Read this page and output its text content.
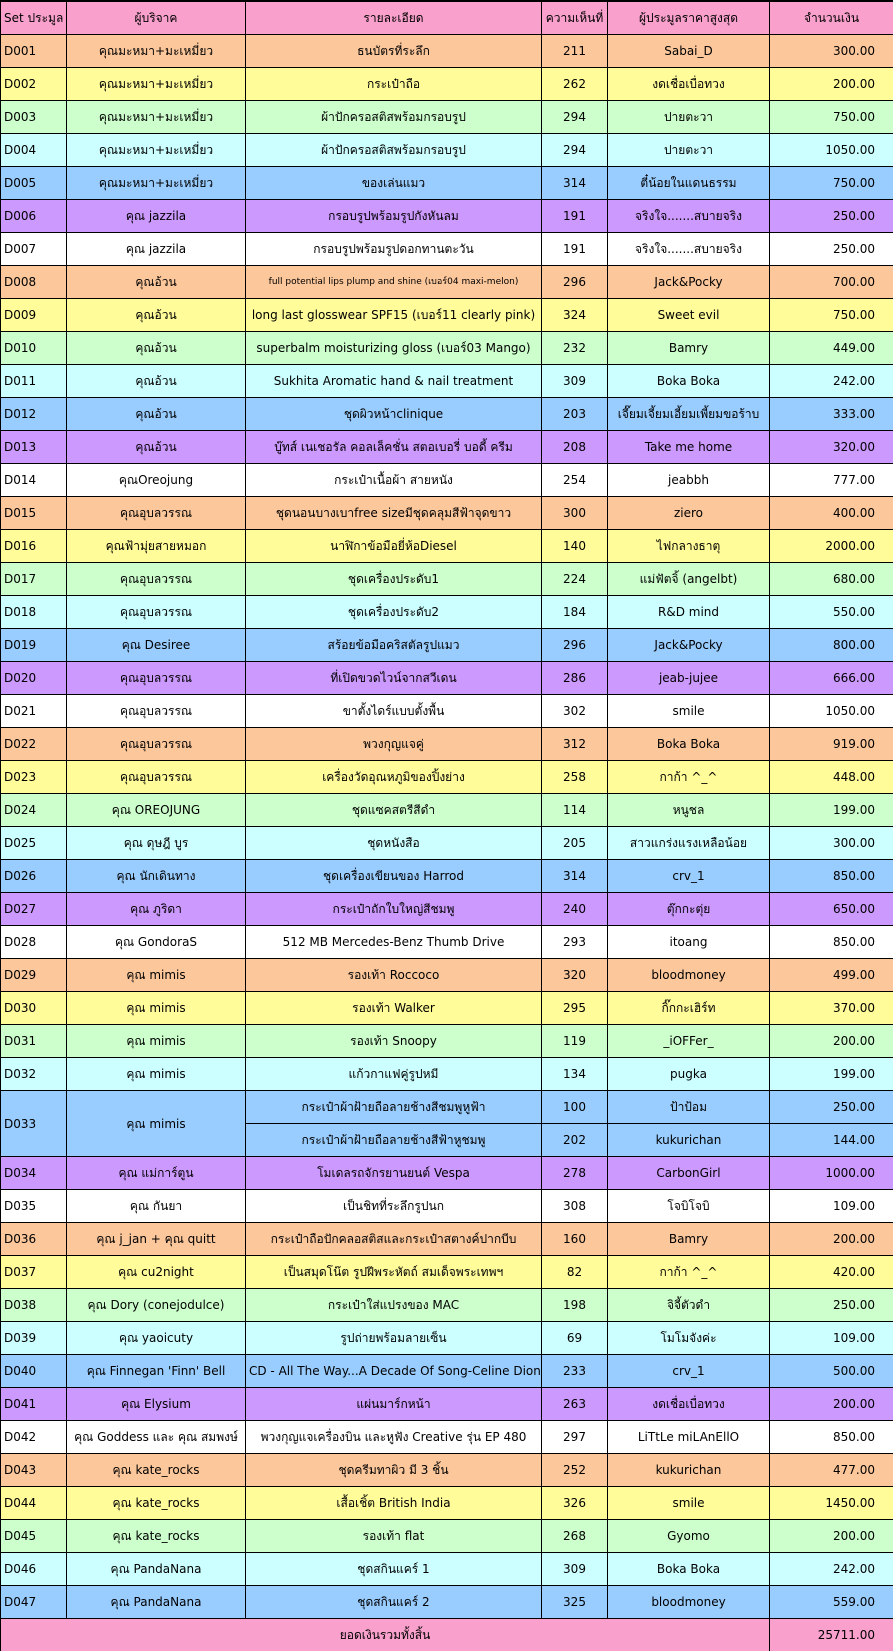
Set ประมูล	ผู้บริจาค	รายละเอียด	ความเห็นที่	ผู้ประมูลราคาสูงสุด	จำนวนเงิน
D001	คุณมะหมา+มะเหมี่ยว	ธนบัตรที่ระลึก	211	Sabai_D	300.00
D002	คุณมะหมา+มะเหมี่ยว	กระเป๋าถือ	262	งดเชื่อเบื่อทวง	200.00
D003	คุณมะหมา+มะเหมี่ยว	ผ้าปักครอสติสพร้อมกรอบรูป	294	ปายตะวา	750.00
D004	คุณมะหมา+มะเหมี่ยว	ผ้าปักครอสติสพร้อมกรอบรูป	294	ปายตะวา	1050.00
D005	คุณมะหมา+มะเหมี่ยว	ของเล่นแมว	314	ตี๋น้อยในแดนธรรม	750.00
D006	คุณ jazzila	กรอบรูปพร้อมรูปกังหันลม	191	จริงใจ.......สบายจริง	250.00
D007	คุณ jazzila	กรอบรูปพร้อมรูปดอกทานตะวัน	191	จริงใจ.......สบายจริง	250.00
D008	คุณอ้วน	full potential lips plump and shine (เบอร์04 maxi-melon)	296	Jack&Pocky	700.00
D009	คุณอ้วน	long last glosswear SPF15 (เบอร์11 clearly pink)	324	Sweet evil	750.00
D010	คุณอ้วน	superbalm moisturizing gloss (เบอร์03 Mango)	232	Bamry	449.00
D011	คุณอ้วน	Sukhita Aromatic hand & nail treatment	309	Boka Boka	242.00
D012	คุณอ้วน	ชุดผิวหน้าclinique	203	เจี๊ยมเจี้ยมเอี้ยมเพี้ยมขอร้าบ	333.00
D013	คุณอ้วน	บู๊ทส์ เนเชอรัล คอลเล็คชั่น สตอเบอรี่ บอดี้ ครีม	208	Take me home	320.00
D014	คุณOreojung	กระเป๋าเนื้อผ้า สายหนัง	254	jeabbh	777.00
D015	คุณอุบลวรรณ	ชุดนอนบางเบาfree sizeมีชุดคลุมสีฟ้าจุดขาว	300	ziero	400.00
D016	คุณฟ้ามุ่ยสายหมอก	นาฬิกาข้อมือยี่ห้อDiesel	140	ไฟกลางธาตุ	2000.00
D017	คุณอุบลวรรณ	ชุดเครื่องประดับ1	224	แม่ฟัตจิ้ (angelbt)	680.00
D018	คุณอุบลวรรณ	ชุดเครื่องประดับ2	184	R&D mind	550.00
D019	คุณ Desiree	สร้อยข้อมือคริสตัลรูปแมว	296	Jack&Pocky	800.00
D020	คุณอุบลวรรณ	ที่เปิดขวดไวน์จากสวีเดน	286	jeab-jujee	666.00
D021	คุณอุบลวรรณ	ขาตั้งไดร์แบบตั้งพื้น	302	smile	1050.00
D022	คุณอุบลวรรณ	พวงกุญแจคู่	312	Boka Boka	919.00
D023	คุณอุบลวรรณ	เครื่องวัดอุณหภูมิของปิ้งย่าง	258	กาก้า ^_^	448.00
D024	คุณ OREOJUNG	ชุดแซคสตรีสีดำ	114	หนูชล	199.00
D025	คุณ ดุษฎี บูร	ชุดหนังสือ	205	สาวแกร่งแรงเหลือน้อย	300.00
D026	คุณ นักเดินทาง	ชุดเครื่องเขียนของ Harrod	314	crv_1	850.00
D027	คุณ ภูริดา	กระเป๋าถักใบใหญ่สีชมพู	240	ตุ๊กกะตุ่ย	650.00
D028	คุณ GondoraS	512 MB Mercedes-Benz Thumb Drive	293	itoang	850.00
D029	คุณ mimis	รองเท้า Roccoco	320	bloodmoney	499.00
D030	คุณ mimis	รองเท้า Walker	295	กิ๊กกะเฮิร์ท	370.00
D031	คุณ mimis	รองเท้า Snoopy	119	_iOFFer_	200.00
D032	คุณ mimis	แก้วกาแฟคู่รูปหมี	134	pugka	199.00
D033	คุณ mimis	กระเป๋าผ้าฝ้ายถือลายช้างสีชมพูหูฟ้า	100	ป้าป้อม	250.00
		กระเป๋าผ้าฝ้ายถือลายช้างสีฟ้าหูชมพู	202	kukurichan	144.00
D034	คุณ แม่การ์ตูน	โมเดลรถจักรยานยนต์ Vespa	278	CarbonGirl	1000.00
D035	คุณ กันยา	เป็นชิทที่ระลึกรูปนก	308	โจบิโจบิ	109.00
D036	คุณ j_jan + คุณ quitt	กระเป๋าถือปักคลอสติสและกระเป๋าสตางค์ปากบีบ	160	Bamry	200.00
D037	คุณ cu2night	เป็นสมุดโน๊ต รูปฝีพระหัตถ์ สมเด็จพระเทพฯ	82	กาก้า ^_^	420.00
D038	คุณ Dory (conejodulce)	กระเป๋าใส่แปรงของ MAC	198	จิจี้ตัวดำ	250.00
D039	คุณ yaoicuty	รูปถ่ายพร้อมลายเซ็น	69	โมโมจังค่ะ	109.00
D040	คุณ Finnegan 'Finn' Bell	CD - All The Way...A Decade Of Song-Celine Dion	233	crv_1	500.00
D041	คุณ Elysium	แผ่นมาร์กหน้า	263	งดเชื่อเบื่อทวง	200.00
D042	คุณ Goddess และ คุณ สมพงษ์	พวงกุญแจเครื่องบิน และหูฟัง Creative รุ่น EP 480	297	LiTtLe miLAnEllO	850.00
D043	คุณ kate_rocks	ชุดครีมทาผิว มี 3 ชิ้น	252	kukurichan	477.00
D044	คุณ kate_rocks	เสื้อเชิ้ต British India	326	smile	1450.00
D045	คุณ kate_rocks	รองเท้า flat	268	Gyomo	200.00
D046	คุณ PandaNana	ชุดสกินแคร์ 1	309	Boka Boka	242.00
D047	คุณ PandaNana	ชุดสกินแคร์ 2	325	bloodmoney	559.00
ยอดเงินรวมทั้งสิ้น					25711.00
